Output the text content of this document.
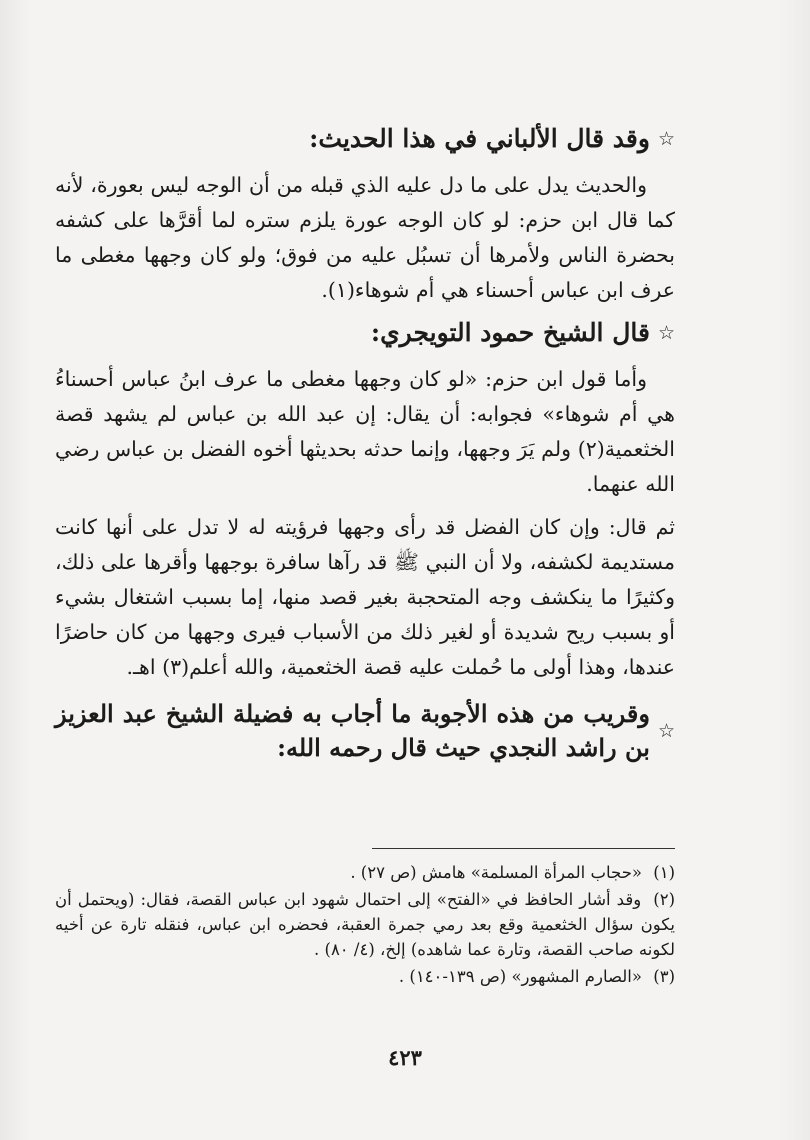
☆
وقد قال الألباني في هذا الحديث:

والحديث يدل على ما دل عليه الذي قبله من أن الوجه ليس بعورة، لأنه كما قال ابن حزم: لو كان الوجه عورة يلزم ستره لما أقرَّها على كشفه بحضرة الناس ولأمرها أن تسبُل عليه من فوق؛ ولو كان وجهها مغطى ما عرف ابن عباس أحسناء هي أم شوهاء(١).

☆
قال الشيخ حمود التويجري:

وأما قول ابن حزم: «لو كان وجهها مغطى ما عرف ابنُ عباس أحسناءُ هي أم شوهاء» فجوابه: أن يقال: إن عبد الله بن عباس لم يشهد قصة الخثعمية(٢) ولم يَرَ وجهها، وإنما حدثه بحديثها أخوه الفضل بن عباس رضي الله عنهما.

ثم قال: وإن كان الفضل قد رأى وجهها فرؤيته له لا تدل على أنها كانت مستديمة لكشفه، ولا أن النبي ﷺ قد رآها سافرة بوجهها وأقرها على ذلك، وكثيرًا ما ينكشف وجه المتحجبة بغير قصد منها، إما بسبب اشتغال بشيء أو بسبب ريح شديدة أو لغير ذلك من الأسباب فيرى وجهها من كان حاضرًا عندها، وهذا أولى ما حُملت عليه قصة الخثعمية، والله أعلم(٣) اهـ.

☆
وقريب من هذه الأجوبة ما أجاب به فضيلة الشيخ عبد العزيز بن راشد النجدي حيث قال رحمه الله:
(١) «حجاب المرأة المسلمة» هامش (ص ٢٧) .
(٢) وقد أشار الحافظ في «الفتح» إلى احتمال شهود ابن عباس القصة، فقال: (ويحتمل أن يكون سؤال الخثعمية وقع بعد رمي جمرة العقبة، فحضره ابن عباس، فنقله تارة عن أخيه لكونه صاحب القصة، وتارة عما شاهده) إلخ، (٤/ ٨٠) .
(٣) «الصارم المشهور» (ص ١٣٩-١٤٠) .
٤٢٣
